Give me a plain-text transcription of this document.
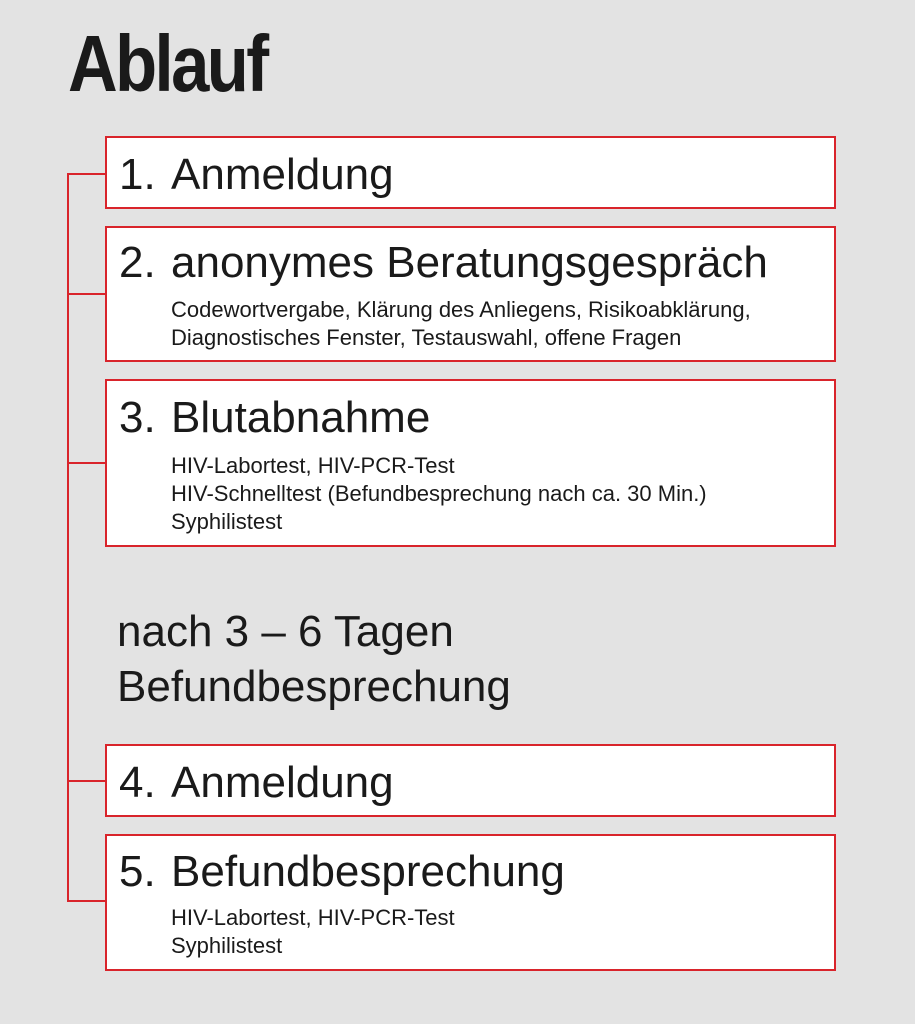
Ablauf
1. Anmeldung
2. anonymes Beratungsgespräch
Codewortvergabe, Klärung des Anliegens, Risikoabklärung,
Diagnostisches Fenster, Testauswahl, offene Fragen
3. Blutabnahme
HIV-Labortest, HIV-PCR-Test
HIV-Schnelltest (Befundbesprechung nach ca. 30 Min.)
Syphilistest
nach 3 – 6 Tagen
Befundbesprechung
4. Anmeldung
5. Befundbesprechung
HIV-Labortest, HIV-PCR-Test
Syphilistest
